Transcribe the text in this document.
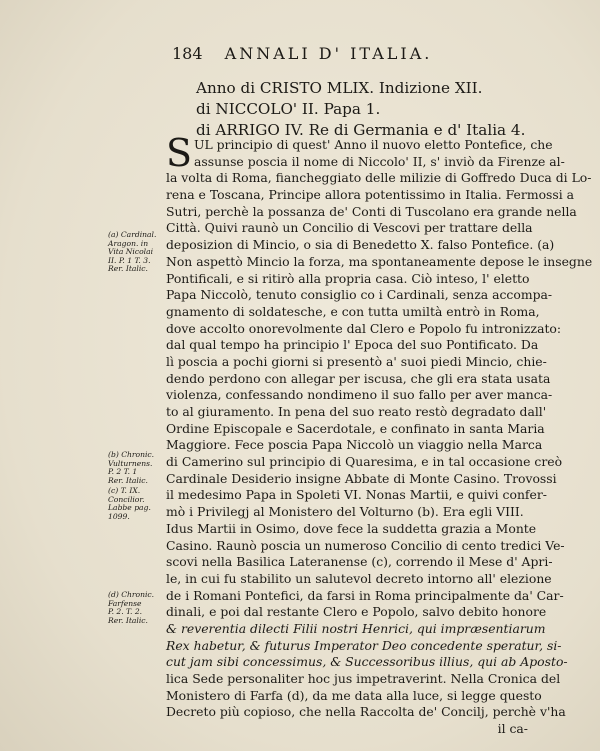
184 ANNALI D' ITALIA.
Anno di CRISTO MLIX. Indizione XII.
di NICCOLO' II. Papa 1.
di ARRIGO IV. Re di Germania e d' Italia 4.
S UL principio di quest' Anno il nuovo eletto Pontefice, che
assunse poscia il nome di Niccolo' II, s' inviò da Firenze al-
la volta di Roma, fiancheggiato delle milizie di Goffredo Duca di Lo-
rena e Toscana, Principe allora potentissimo in Italia. Fermossi a
Sutri, perchè la possanza de' Conti di Tuscolano era grande nella
Città. Quivi raunò un Concilio di Vescovi per trattare della
deposizion di Mincio, o sia di Benedetto X. falso Pontefice. (a)
Non aspettò Mincio la forza, ma spontaneamente depose le insegne
Pontificali, e si ritirò alla propria casa. Ciò inteso, l' eletto
Papa Niccolò, tenuto consiglio co i Cardinali, senza accompa-
gnamento di soldatesche, e con tutta umiltà entrò in Roma,
dove accolto onorevolmente dal Clero e Popolo fu intronizzato:
dal qual tempo ha principio l' Epoca del suo Pontificato. Da
lì poscia a pochi giorni si presentò a' suoi piedi Mincio, chie-
dendo perdono con allegar per iscusa, che gli era stata usata
violenza, confessando nondimeno il suo fallo per aver manca-
to al giuramento. In pena del suo reato restò degradato dall'
Ordine Episcopale e Sacerdotale, e confinato in santa Maria
Maggiore. Fece poscia Papa Niccolò un viaggio nella Marca
di Camerino sul principio di Quaresima, e in tal occasione creò
Cardinale Desiderio insigne Abbate di Monte Casino. Trovossi
il medesimo Papa in Spoleti VI. Nonas Martii, e quivi confer-
mò i Privilegj al Monistero del Volturno (b). Era egli VIII.
Idus Martii in Osimo, dove fece la suddetta grazia a Monte
Casino. Raunò poscia un numeroso Concilio di cento tredici Ve-
scovi nella Basilica Lateranense (c), correndo il Mese d' Apri-
le, in cui fu stabilito un salutevol decreto intorno all' elezione
de i Romani Pontefici, da farsi in Roma principalmente da' Car-
dinali, e poi dal restante Clero e Popolo, salvo debito honore
& reverentia dilecti Filii nostri Henrici, qui impræsentiarum
Rex habetur, & futurus Imperator Deo concedente speratur, si-
cut jam sibi concessimus, & Successoribus illius, qui ab Aposto-
lica Sede personaliter hoc jus impetraverint. Nella Cronica del
Monistero di Farfa (d), da me data alla luce, si legge questo
Decreto più copioso, che nella Raccolta de' Concilj, perchè v'ha
il ca-
(a) Cardinal.
Aragon. in
Vita Nicolai
II. P. 1 T. 3.
Rer. Italic.
(b) Chronic.
Vulturnens.
P. 2 T. 1
Rer. Italic.
(c) T. IX.
Concilior.
Labbe pag.
1099.
(d) Chronic.
Farfense
P. 2. T. 2.
Rer. Italic.
